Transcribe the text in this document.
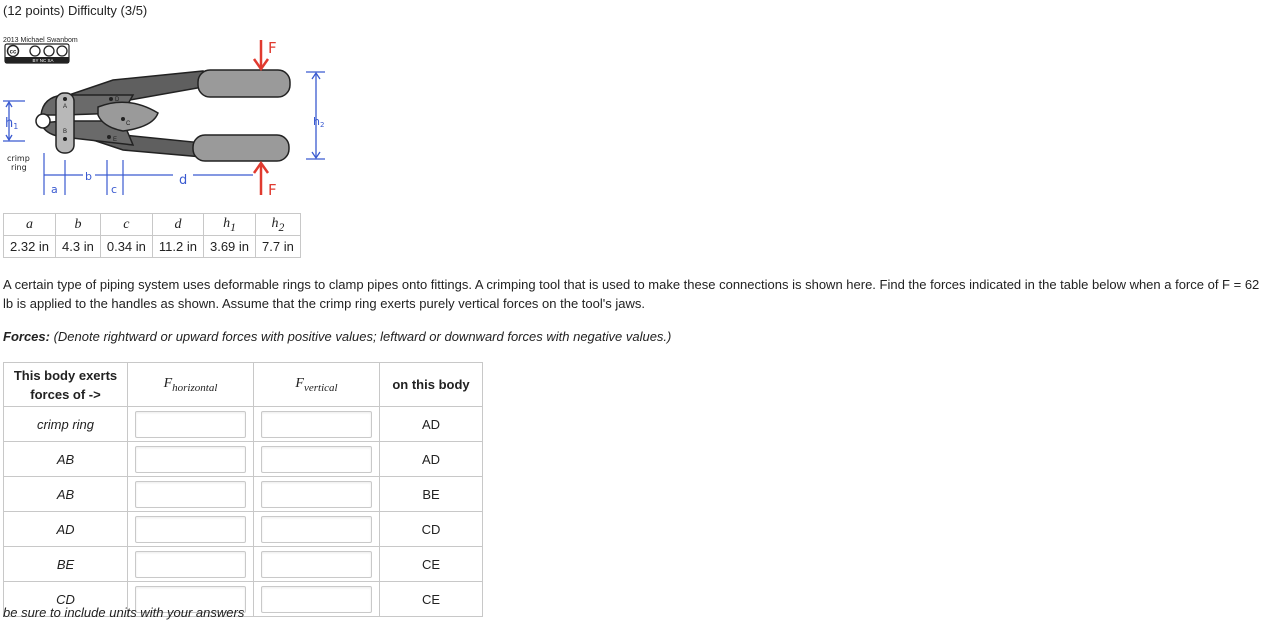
(12 points) Difficulty (3/5)
2013 Michael Swanbom
cc
BY NC SA
A
B
C
D
E
F
F
h2
h1
crimp ring
a
b
c
d
a	b	c	d	$h_1$	$h_2$
2.32 in	4.3 in	0.34 in	11.2 in	3.69 in	7.7 in
A certain type of piping system uses deformable rings to clamp pipes onto fittings. A crimping tool that is used to make these connections is shown here. Find the forces indicated in the table below when a force of F = 62 lb is applied to the handles as shown. Assume that the crimp ring exerts purely vertical forces on the tool's jaws.
Forces: (Denote rightward or upward forces with positive values; leftward or downward forces with negative values.)
This body exerts forces of ->	$F_{horizontal}$	$F_{vertical}$	on this body
crimp ring			AD
AB			AD
AB			BE
AD			CD
BE			CE
CD			CE
be sure to include units with your answers
